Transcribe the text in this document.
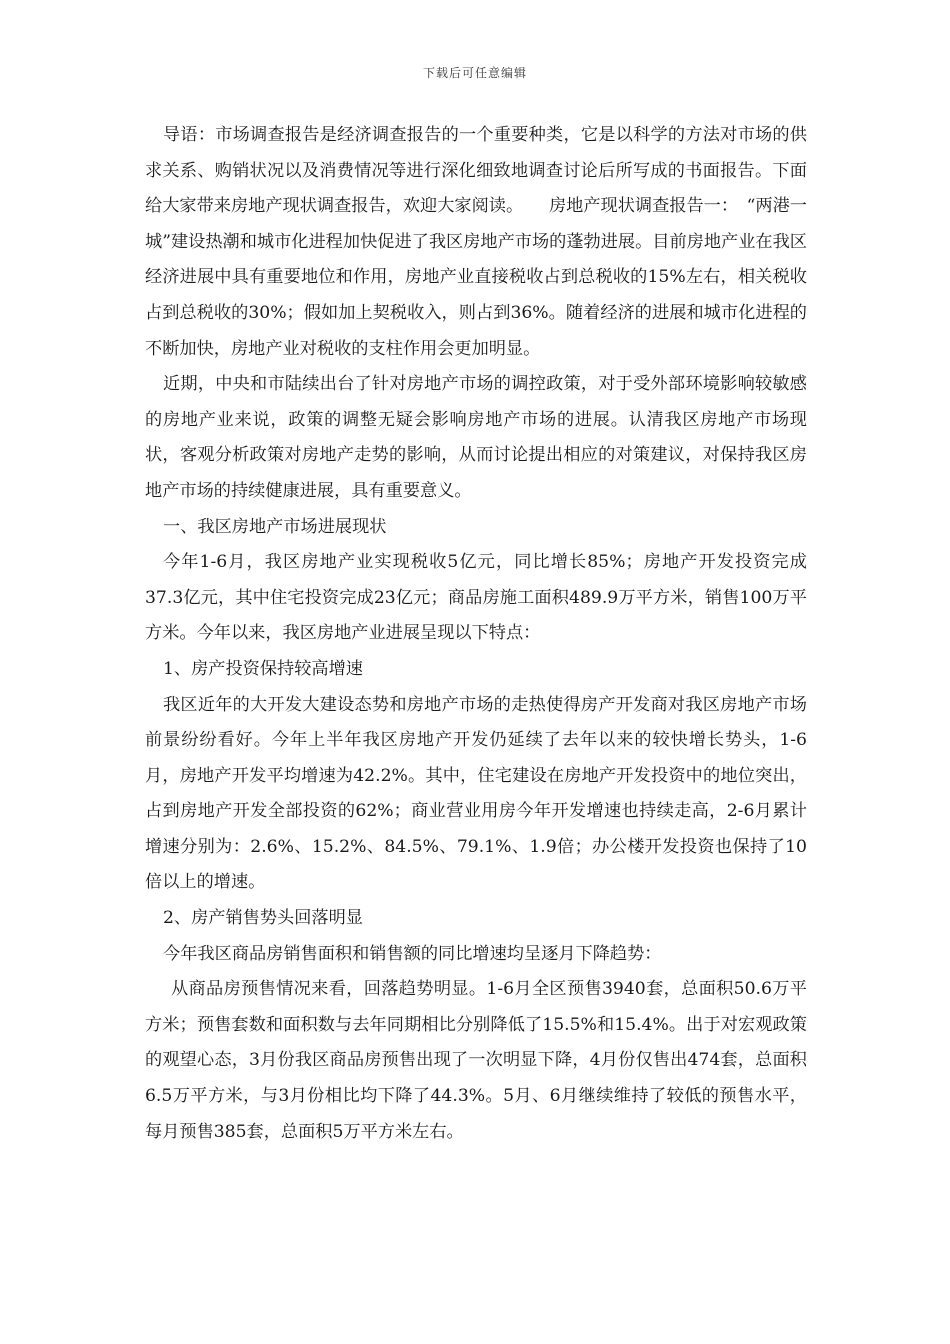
下载后可任意编辑

导语：市场调查报告是经济调查报告的一个重要种类，它是以科学的方法对市场的供求关系、购销状况以及消费情况等进行深化细致地调查讨论后所写成的书面报告。下面给大家带来房地产现状调查报告，欢迎大家阅读。　　房地产现状调查报告一：　“两港一城”建设热潮和城市化进程加快促进了我区房地产市场的蓬勃进展。目前房地产业在我区经济进展中具有重要地位和作用，房地产业直接税收占到总税收的15%左右，相关税收占到总税收的30%；假如加上契税收入，则占到36%。随着经济的进展和城市化进程的不断加快，房地产业对税收的支柱作用会更加明显。

近期，中央和市陆续出台了针对房地产市场的调控政策，对于受外部环境影响较敏感的房地产业来说，政策的调整无疑会影响房地产市场的进展。认清我区房地产市场现状，客观分析政策对房地产走势的影响，从而讨论提出相应的对策建议，对保持我区房地产市场的持续健康进展，具有重要意义。

一、我区房地产市场进展现状

今年1-6月，我区房地产业实现税收5亿元，同比增长85%；房地产开发投资完成37.3亿元，其中住宅投资完成23亿元；商品房施工面积489.9万平方米，销售100万平方米。今年以来，我区房地产业进展呈现以下特点：

1、房产投资保持较高增速

我区近年的大开发大建设态势和房地产市场的走热使得房产开发商对我区房地产市场前景纷纷看好。今年上半年我区房地产开发仍延续了去年以来的较快增长势头，1-6月，房地产开发平均增速为42.2%。其中，住宅建设在房地产开发投资中的地位突出，占到房地产开发全部投资的62%；商业营业用房今年开发增速也持续走高，2-6月累计增速分别为：2.6%、15.2%、84.5%、79.1%、1.9倍；办公楼开发投资也保持了10倍以上的增速。

2、房产销售势头回落明显

今年我区商品房销售面积和销售额的同比增速均呈逐月下降趋势：

从商品房预售情况来看，回落趋势明显。1-6月全区预售3940套，总面积50.6万平方米；预售套数和面积数与去年同期相比分别降低了15.5%和15.4%。出于对宏观政策的观望心态，3月份我区商品房预售出现了一次明显下降，4月份仅售出474套，总面积6.5万平方米，与3月份相比均下降了44.3%。5月、6月继续维持了较低的预售水平，每月预售385套，总面积5万平方米左右。
